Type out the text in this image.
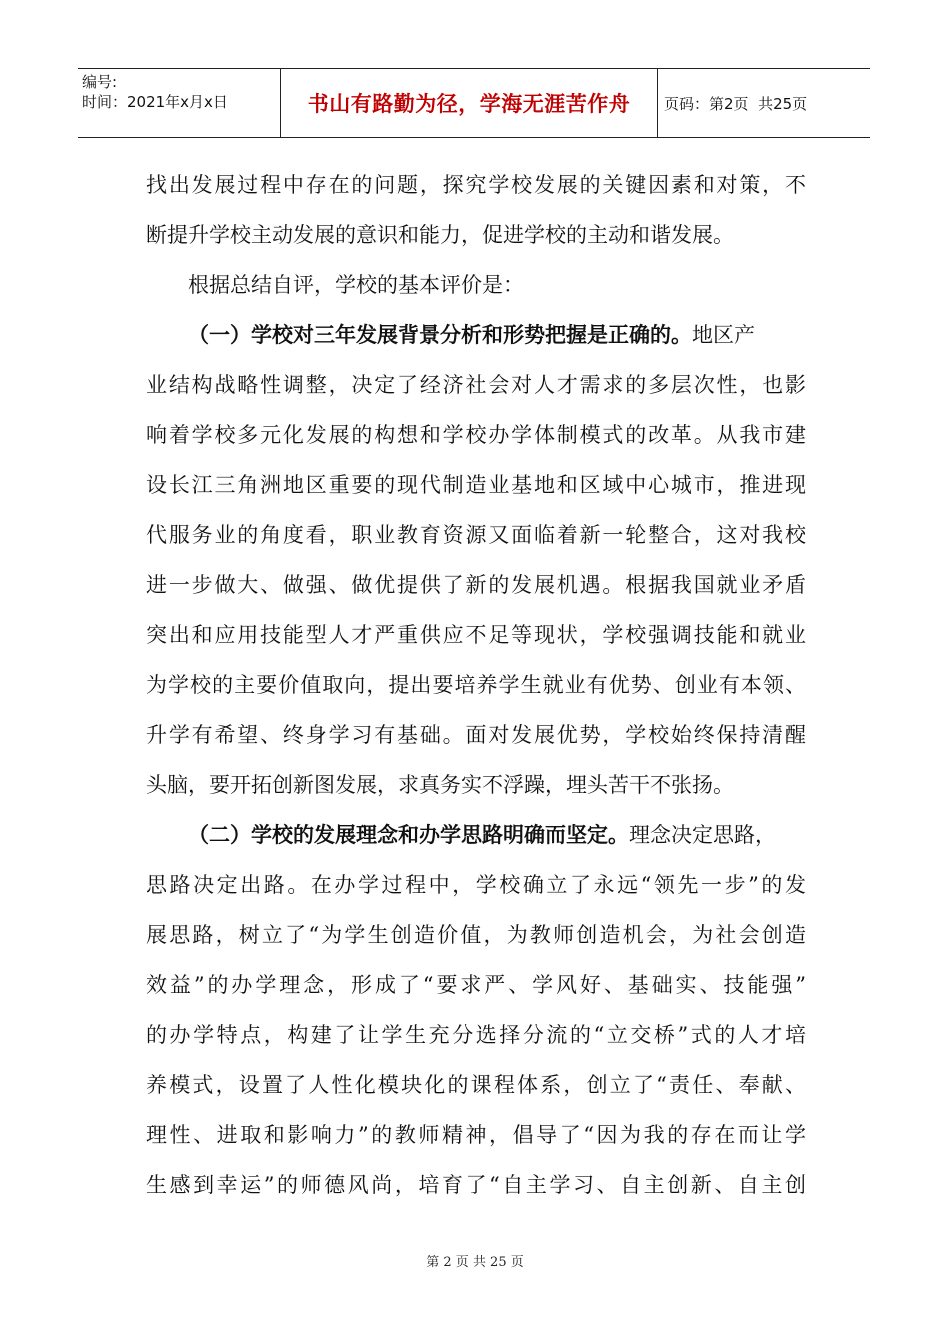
编号:
时间：2021年x月x日	书山有路勤为径，学海无涯苦作舟	页码：第2页  共25页
找出发展过程中存在的问题，探究学校发展的关键因素和对策，不
断提升学校主动发展的意识和能力，促进学校的主动和谐发展。
根据总结自评，学校的基本评价是：
（一）学校对三年发展背景分析和形势把握是正确的。地区产
业结构战略性调整，决定了经济社会对人才需求的多层次性，也影
响着学校多元化发展的构想和学校办学体制模式的改革。从我市建
设长江三角洲地区重要的现代制造业基地和区域中心城市，推进现
代服务业的角度看，职业教育资源又面临着新一轮整合，这对我校
进一步做大、做强、做优提供了新的发展机遇。根据我国就业矛盾
突出和应用技能型人才严重供应不足等现状，学校强调技能和就业
为学校的主要价值取向，提出要培养学生就业有优势、创业有本领、
升学有希望、终身学习有基础。面对发展优势，学校始终保持清醒
头脑，要开拓创新图发展，求真务实不浮躁，埋头苦干不张扬。
（二）学校的发展理念和办学思路明确而坚定。理念决定思路，
思路决定出路。在办学过程中，学校确立了永远“领先一步”的发
展思路，树立了“为学生创造价值，为教师创造机会，为社会创造
效益”的办学理念，形成了“要求严、学风好、基础实、技能强”
的办学特点，构建了让学生充分选择分流的“立交桥”式的人才培
养模式，设置了人性化模块化的课程体系，创立了“责任、奉献、
理性、进取和影响力”的教师精神，倡导了“因为我的存在而让学
生感到幸运”的师德风尚，培育了“自主学习、自主创新、自主创
第 2 页 共 25 页
